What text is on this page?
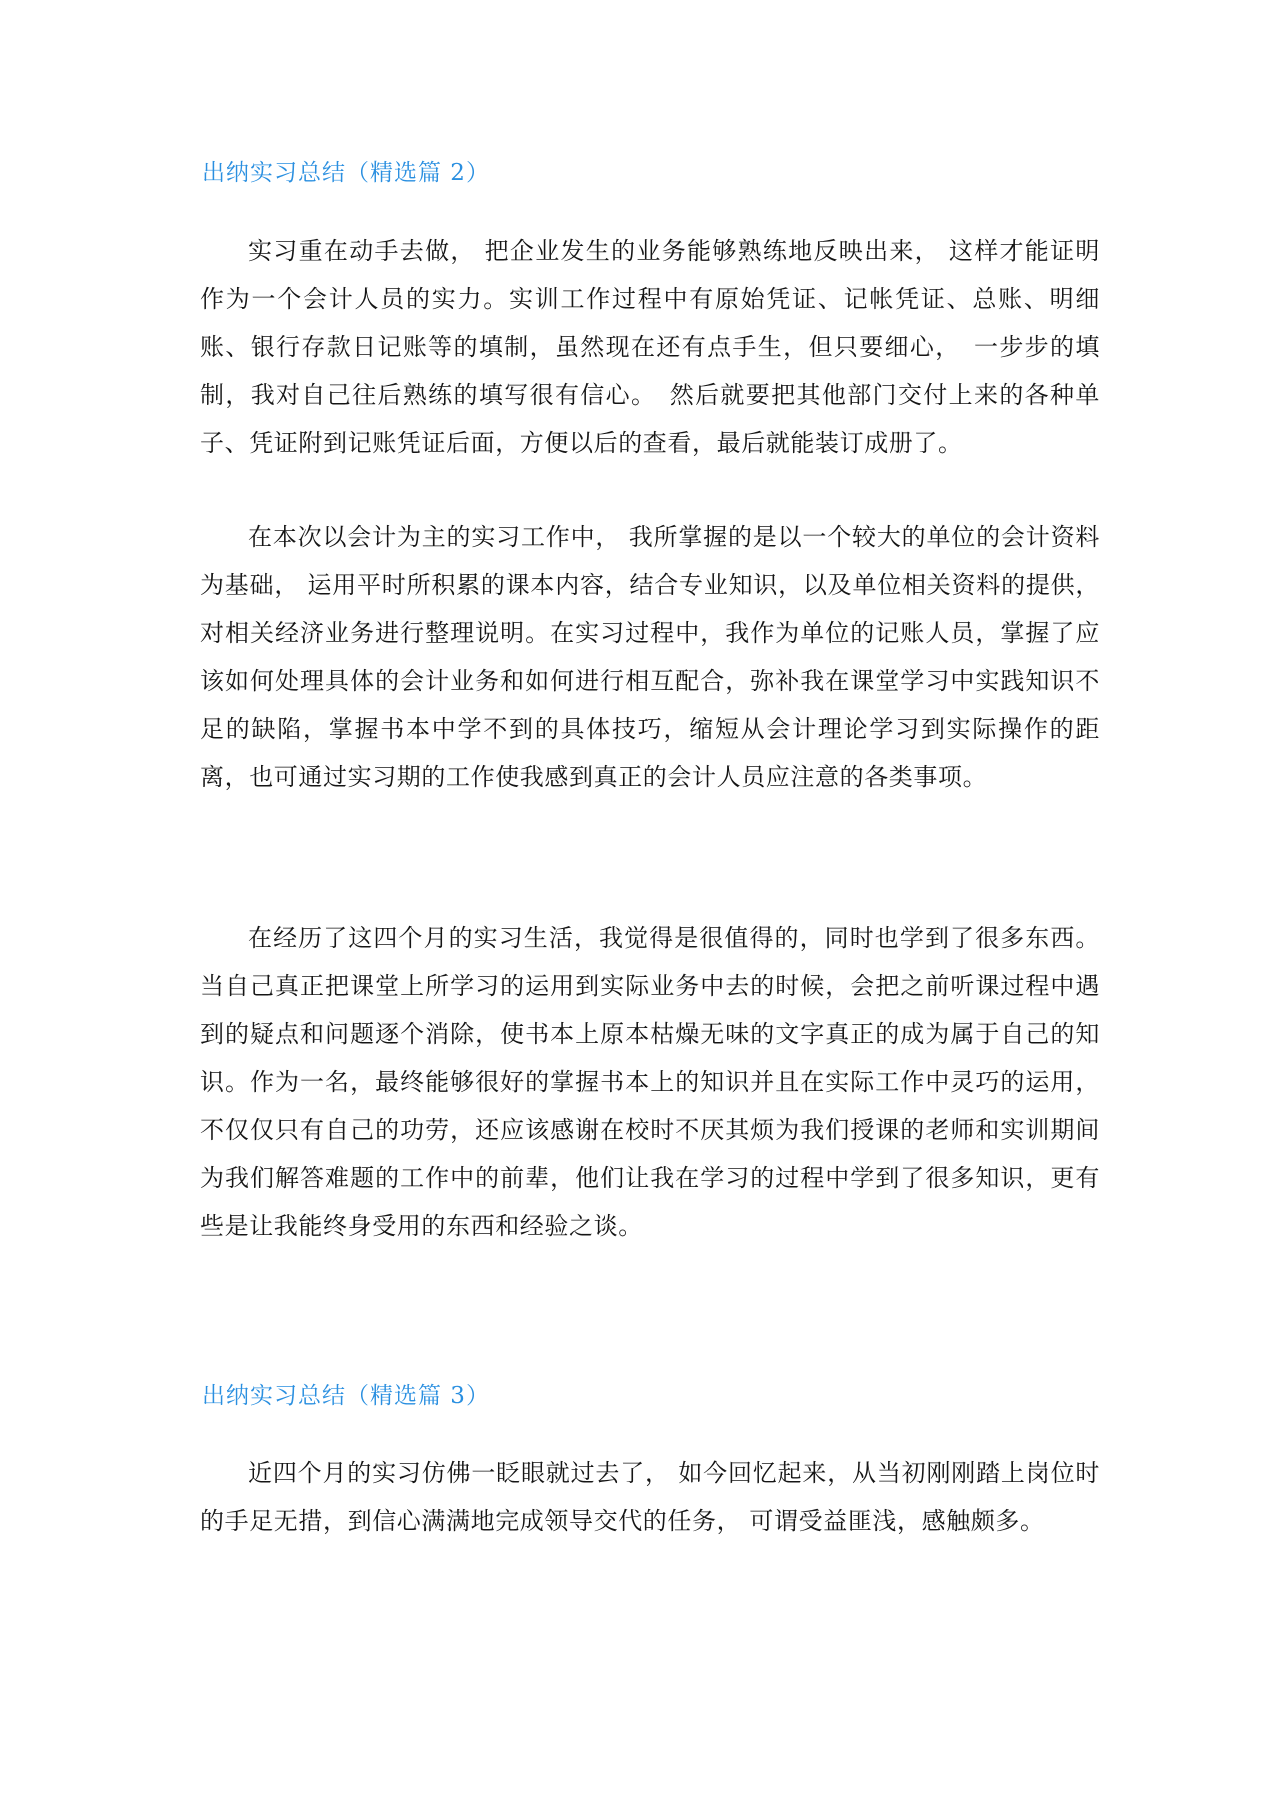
出纳实习总结（精选篇 2）

实习重在动手去做， 把企业发生的业务能够熟练地反映出来， 这样才能证明作为一个会计人员的实力。实训工作过程中有原始凭证、记帐凭证、总账、明细账、银行存款日记账等的填制，虽然现在还有点手生，但只要细心，　一步步的填制，我对自己往后熟练的填写很有信心。　然后就要把其他部门交付上来的各种单子、凭证附到记账凭证后面，方便以后的查看，最后就能装订成册了。

在本次以会计为主的实习工作中， 我所掌握的是以一个较大的单位的会计资料为基础， 运用平时所积累的课本内容，结合专业知识，以及单位相关资料的提供，对相关经济业务进行整理说明。在实习过程中，我作为单位的记账人员，掌握了应该如何处理具体的会计业务和如何进行相互配合，弥补我在课堂学习中实践知识不足的缺陷，掌握书本中学不到的具体技巧，缩短从会计理论学习到实际操作的距离，也可通过实习期的工作使我感到真正的会计人员应注意的各类事项。

在经历了这四个月的实习生活，我觉得是很值得的，同时也学到了很多东西。当自己真正把课堂上所学习的运用到实际业务中去的时候，会把之前听课过程中遇到的疑点和问题逐个消除，使书本上原本枯燥无味的文字真正的成为属于自己的知识。作为一名，最终能够很好的掌握书本上的知识并且在实际工作中灵巧的运用， 不仅仅只有自己的功劳，还应该感谢在校时不厌其烦为我们授课的老师和实训期间为我们解答难题的工作中的前辈，他们让我在学习的过程中学到了很多知识，更有些是让我能终身受用的东西和经验之谈。

出纳实习总结（精选篇 3）

近四个月的实习仿佛一眨眼就过去了， 如今回忆起来，从当初刚刚踏上岗位时的手足无措，到信心满满地完成领导交代的任务， 可谓受益匪浅，感触颇多。
